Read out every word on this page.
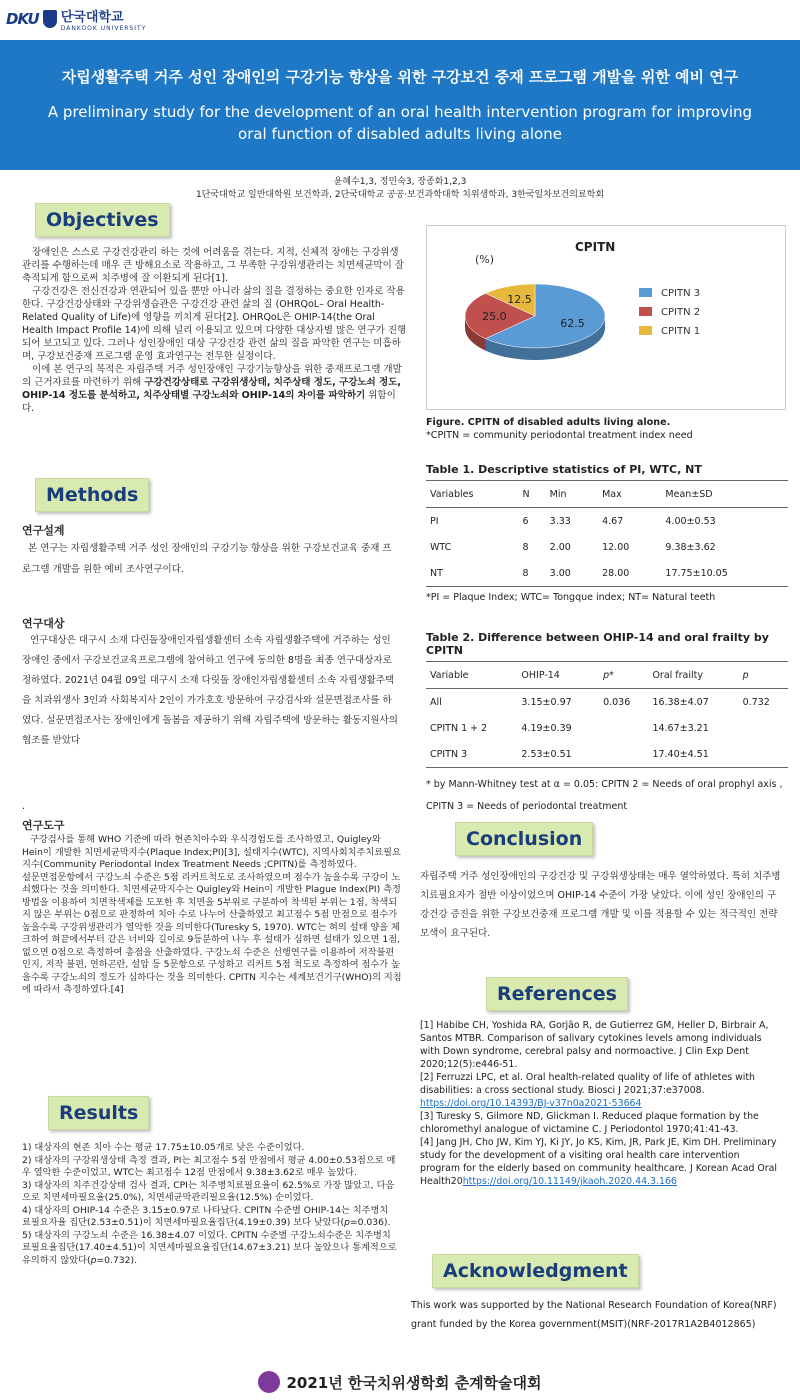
DKU 단국대학교
DANKOOK UNIVERSITY
자립생활주택 거주 성인 장애인의 구강기능 향상을 위한 구강보건 중재 프로그램 개발을 위한 예비 연구
A preliminary study for the development of an oral health intervention program for improving oral function of disabled adults living alone
윤혜수1,3, 정민숙3, 장종화1,2,3
1단국대학교 일반대학원 보건학과, 2단국대학교 공공·보건과학대학 치위생학과, 3한국일차보건의료학회
Objectives
장애인은 스스로 구강건강관리 하는 것에 어려움을 겪는다. 지적, 신체적 장애는 구강위생관리를 수행하는데 매우 큰 방해요소로 작용하고, 그 부족한 구강위생관리는 치면세균막이 잘 축적되게 함으로써 치주병에 잘 이환되게 된다[1].
구강건강은 전신건강과 연관되어 있을 뿐만 아니라 삶의 질을 결정하는 중요한 인자로 작용한다. 구강건강상태와 구강위생습관은 구강건강 관련 삶의 질 (OHRQoL– Oral Health-Related Quality of Life)에 영향을 끼치게 된다[2]. OHRQoL은 OHIP-14(the Oral Health Impact Profile 14)에 의해 널리 이용되고 있으며 다양한 대상자별 많은 연구가 진행되어 보고되고 있다. 그러나 성인장애인 대상 구강건강 관련 삶의 질을 파악한 연구는 미흡하며, 구강보건중재 프로그램 운영 효과연구는 전무한 실정이다.
이에 본 연구의 목적은 자립주택 거주 성인장애인 구강기능향상을 위한 중재프로그램 개발의 근거자료를 마련하기 위해 구강건강상태로 구강위생상태, 치주상태 정도, 구강노쇠 정도, OHIP-14 정도를 분석하고, 치주상태별 구강노쇠와 OHIP-14의 차이를 파악하기 위함이다.
Methods
연구설계
본 연구는 자립생활주택 거주 성인 장애인의 구강기능 향상을 위한 구강보건교육 중재 프로그램 개발을 위한 예비 조사연구이다.
연구대상
연구대상은 대구시 소재 다린돌장애인자립생활센터 소속 자립생활주택에 거주하는 성인 장애인 중에서 구강보건교육프로그램에 참여하고 연구에 동의한 8명을 최종 연구대상자로 정하였다. 2021년 04월 09일 대구시 소재 다릿돌 장애인자립생활센터 소속 자립생활주택을 치과위생사 3인과 사회복지사 2인이 가가호호 방문하여 구강검사와 설문면접조사를 하였다. 설문면접조사는 장애인에게 돌봄을 제공하기 위해 자립주택에 방문하는 활동지원사의 협조를 받았다
.
연구도구
구강검사를 통해 WHO 기준에 따라 현존치아수와 우식경험도를 조사하였고, Quigley와 Hein이 개발한 치면세균막지수(Plaque Index;PI)[3], 설태지수(WTC), 지역사회치주치료필요지수(Community Periodontal Index Treatment Needs ;CPITN)를 측정하였다.
설문면접문항에서 구강노쇠 수준은 5점 리커트척도로 조사하였으며 점수가 높을수록 구강이 노쇠했다는 것을 의미한다. 치면세균막지수는 Quigley와 Hein이 개발한 Plague Index(PI) 측정방법을 이용하여 치면착색제를 도포한 후 치면을 5부위로 구분하여 착색된 부위는 1점, 착색되지 않은 부위는 0점으로 판정하여 치아 수로 나누어 산출하였고 최고점수 5점 만점으로 점수가 높을수록 구강위생관리가 열악한 것을 의미한다(Turesky S, 1970). WTC는 혀의 설태 양을 체크하여 혀끝에서부터 같은 너비와 길이로 9등분하여 나누 후 설태가 심하면 설태가 있으면 1점, 없으면 0점으로 측정하여 총점을 산출하였다. 구강노쇠 수준은 선행연구를 이용하여 저작불편인지, 저작 불편, 연하곤란, 설압 등 5문항으로 구성하고 리커트 5점 척도로 측정하여 점수가 높을수록 구강노쇠의 정도가 심하다는 것을 의미한다. CPITN 지수는 세계보건기구(WHO)의 지침에 따라서 측정하였다.[4]
Results
1) 대상자의 현존 치아 수는 평균 17.75±10.05개로 낮은 수준이었다.
2) 대상자의 구강위생상태 측정 결과, PI는 최고점수 5점 만점에서 평균 4.00±0.53점으로 매우 열악한 수준이었고, WTC는 최고점수 12점 만점에서 9.38±3.62로 매우 높았다.
3) 대상자의 치주건강상태 검사 결과, CPI는 치주병치료필요율이 62.5%로 가장 많았고, 다음으로 치면세마필요율(25.0%), 치면세균막관리필요율(12.5%) 순이었다.
4) 대상자의 OHIP-14 수준은 3.15±0.97로 나타났다. CPITN 수준별 OHIP-14는 치주병치료필요자율 집단(2.53±0.51)이 치면세마필요율집단(4.19±0.39) 보다 낮았다(p=0.036).
5) 대상자의 구강노쇠 수준은 16.38±4.07 이었다. CPITN 수준별 구강노쇠수준은 치주병치료필요율집단(17.40±4.51)이 치면세마필요율집단(14.67±3.21) 보다 높았으나 통계적으로 유의하지 않았다(p=0.732).
CPITN
(%)
62.5
25.0
12.5	CPITN 3
CPITN 2
CPITN 1
Figure. CPITN of disabled adults living alone.
*CPITN = community periodontal treatment index need
Table 1. Descriptive statistics of PI, WTC, NT
Variables	N	Min	Max	Mean±SD
PI	6	3.33	4.67	4.00±0.53
WTC	8	2.00	12.00	9.38±3.62
NT	8	3.00	28.00	17.75±10.05
*PI = Plaque Index; WTC= Tongque index; NT= Natural teeth
Table 2. Difference between OHIP-14 and oral frailty by CPITN
Variable	OHIP-14	p*	Oral frailty	p
All	3.15±0.97	0.036	16.38±4.07	0.732
CPITN 1 + 2	4.19±0.39		14.67±3.21	
CPITN 3	2.53±0.51		17.40±4.51	
* by Mann-Whitney test at α = 0.05: CPITN 2 = Needs of oral prophyl axis , CPITN 3 = Needs of periodontal treatment
Conclusion
자립주택 거주 성인장애인의 구강건강 및 구강위생상태는 매우 열악하였다. 특히 치주병치료필요자가 절반 이상이었으며 OHIP-14 수준이 가장 낮았다. 이에 성인 장애인의 구강건강 증진을 위한 구강보건중재 프로그램 개발 및 이를 적용할 수 있는 적극적인 전략 모색이 요구된다.
References
[1] Habibe CH, Yoshida RA, Gorjão R, de Gutierrez GM, Heller D, Birbrair A, Santos MTBR. Comparison of salivary cytokines levels among individuals with Down syndrome, cerebral palsy and normoactive. J Clin Exp Dent 2020;12(5):e446-51.
[2] Ferruzzi LPC, et al. Oral health-related quality of life of athletes with disabilities: a cross sectional study. Biosci J 2021;37:e37008.
https://doi.org/10.14393/BJ-v37n0a2021-53664
[3] Turesky S, Gilmore ND, Glickman I. Reduced plaque formation by the chloromethyl analogue of victamine C. J Periodontol 1970;41:41-43.
[4] Jang JH, Cho JW, Kim YJ, Ki JY, Jo KS, Kim, JR, Park JE, Kim DH. Preliminary study for the development of a visiting oral health care intervention program for the elderly based on community healthcare. J Korean Acad Oral Health20https://doi.org/10.11149/jkaoh.2020.44.3.166
Acknowledgment
This work was supported by the National Research Foundation of Korea(NRF) grant funded by the Korea government(MSIT)(NRF-2017R1A2B4012865)
2021년 한국치위생학회 춘계학술대회
